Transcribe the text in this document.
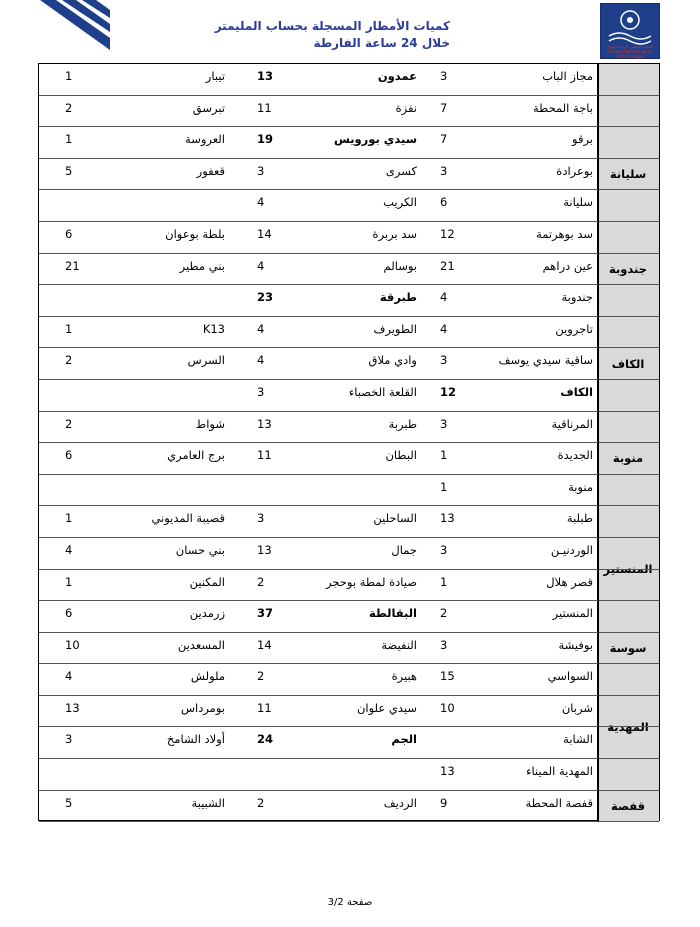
كميات الأمطار المسجلة بحساب المليمتر
خلال 24 ساعة الفارطة	المعهد الوطني للرصد الجوي Institut National de la Météorologie
سليانة
جندوبة
الكاف
منوبة
المنستير
سوسة
المهدية
قفصة
مجاز الباب
3
عمدون
13
تيبار
1
باجة المحطة
7
نفزة
11
تبرسق
2
برقو
7
سيدي بورويس
19
العروسة
1
بوعرادة
3
كسرى
3
قعفور
5
سليانة
6
الكريب
4
سد بوهرتمة
12
سد بربرة
14
بلطة بوعوان
6
عين دراهم
21
بوسالم
4
بني مطير
21
جندوبة
4
طبرقة
23
تاجروين
4
الطويرف
4
K13
1
ساقية سيدي يوسف
3
وادي ملاق
4
السرس
2
الكاف
12
القلعة الخصباء
3
المرناقية
3
طبربة
13
شواط
2
الجديدة
1
البطان
11
برج العامري
6
منوبة
1
طبلبة
13
الساحلين
3
قصيبة المديوني
1
الوردنيـن
3
جمال
13
بني حسان
4
قصر هلال
1
صيادة لمطة بوحجر
2
المكنين
1
المنستير
2
البقالطة
37
زرمدين
6
بوفيشة
3
النفيضة
14
المسعدين
10
السواسي
15
هبيرة
2
ملولش
4
شربان
10
سيدي علوان
11
بومرداس
13
الشابة
الجم
24
أولاد الشامخ
3
المهدية الميناء
13
قفصة المحطة
9
الرديف
2
الشبيبة
5
صفحة 3/2
